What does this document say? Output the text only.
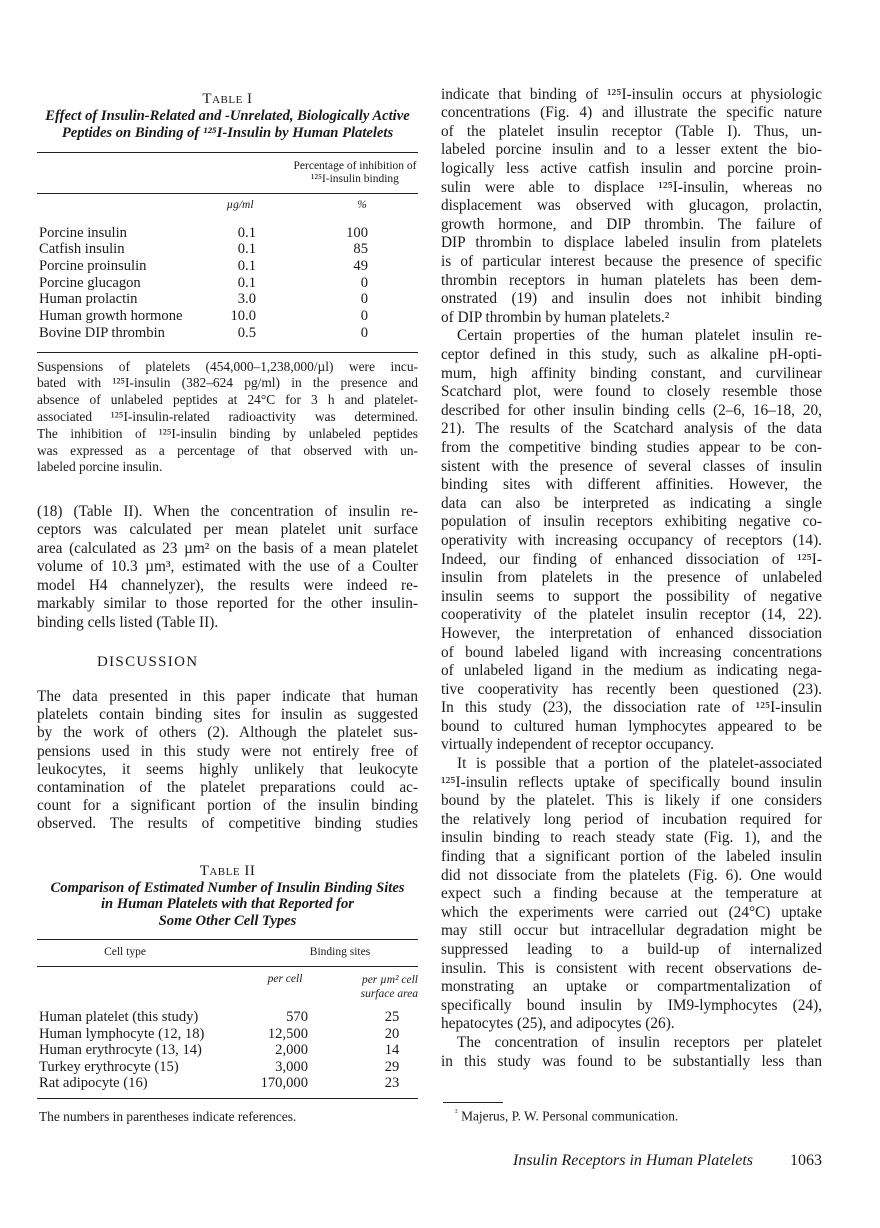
Table I
Effect of Insulin-Related and -Unrelated, Biologically Active
Peptides on Binding of ¹²⁵I-Insulin by Human Platelets
Percentage of inhibition of
¹²⁵I-insulin binding
µg/ml	%
Porcine insulin	0.1	100
Catfish insulin	0.1	85
Porcine proinsulin	0.1	49
Porcine glucagon	0.1	0
Human prolactin	3.0	0
Human growth hormone	10.0	0
Bovine DIP thrombin	0.5	0
Suspensions of platelets (454,000–1,238,000/µl) were incu-
bated with ¹²⁵I-insulin (382–624 pg/ml) in the presence and
absence of unlabeled peptides at 24°C for 3 h and platelet-
associated ¹²⁵I-insulin-related radioactivity was determined.
The inhibition of ¹²⁵I-insulin binding by unlabeled peptides
was expressed as a percentage of that observed with un-
labeled porcine insulin.
(18) (Table II). When the concentration of insulin re-
ceptors was calculated per mean platelet unit surface
area (calculated as 23 µm² on the basis of a mean platelet
volume of 10.3 µm³, estimated with the use of a Coulter
model H4 channelyzer), the results were indeed re-
markably similar to those reported for the other insulin-
binding cells listed (Table II).
DISCUSSION
The data presented in this paper indicate that human
platelets contain binding sites for insulin as suggested
by the work of others (2). Although the platelet sus-
pensions used in this study were not entirely free of
leukocytes, it seems highly unlikely that leukocyte
contamination of the platelet preparations could ac-
count for a significant portion of the insulin binding
observed. The results of competitive binding studies
Table II
Comparison of Estimated Number of Insulin Binding Sites
in Human Platelets with that Reported for
Some Other Cell Types
Cell type	Binding sites
per cell	per µm² cell
surface area
Human platelet (this study)	570	25
Human lymphocyte (12, 18)	12,500	20
Human erythrocyte (13, 14)	2,000	14
Turkey erythrocyte (15)	3,000	29
Rat adipocyte (16)	170,000	23
The numbers in parentheses indicate references.
indicate that binding of ¹²⁵I-insulin occurs at physiologic
concentrations (Fig. 4) and illustrate the specific nature
of the platelet insulin receptor (Table I). Thus, un-
labeled porcine insulin and to a lesser extent the bio-
logically less active catfish insulin and porcine proin-
sulin were able to displace ¹²⁵I-insulin, whereas no
displacement was observed with glucagon, prolactin,
growth hormone, and DIP thrombin. The failure of
DIP thrombin to displace labeled insulin from platelets
is of particular interest because the presence of specific
thrombin receptors in human platelets has been dem-
onstrated (19) and insulin does not inhibit binding
of DIP thrombin by human platelets.²
Certain properties of the human platelet insulin re-
ceptor defined in this study, such as alkaline pH-opti-
mum, high affinity binding constant, and curvilinear
Scatchard plot, were found to closely resemble those
described for other insulin binding cells (2–6, 16–18, 20,
21). The results of the Scatchard analysis of the data
from the competitive binding studies appear to be con-
sistent with the presence of several classes of insulin
binding sites with different affinities. However, the
data can also be interpreted as indicating a single
population of insulin receptors exhibiting negative co-
operativity with increasing occupancy of receptors (14).
Indeed, our finding of enhanced dissociation of ¹²⁵I-
insulin from platelets in the presence of unlabeled
insulin seems to support the possibility of negative
cooperativity of the platelet insulin receptor (14, 22).
However, the interpretation of enhanced dissociation
of bound labeled ligand with increasing concentrations
of unlabeled ligand in the medium as indicating nega-
tive cooperativity has recently been questioned (23).
In this study (23), the dissociation rate of ¹²⁵I-insulin
bound to cultured human lymphocytes appeared to be
virtually independent of receptor occupancy.
It is possible that a portion of the platelet-associated
¹²⁵I-insulin reflects uptake of specifically bound insulin
bound by the platelet. This is likely if one considers
the relatively long period of incubation required for
insulin binding to reach steady state (Fig. 1), and the
finding that a significant portion of the labeled insulin
did not dissociate from the platelets (Fig. 6). One would
expect such a finding because at the temperature at
which the experiments were carried out (24°C) uptake
may still occur but intracellular degradation might be
suppressed leading to a build-up of internalized
insulin. This is consistent with recent observations de-
monstrating an uptake or compartmentalization of
specifically bound insulin by IM9-lymphocytes (24),
hepatocytes (25), and adipocytes (26).
The concentration of insulin receptors per platelet
in this study was found to be substantially less than
$^{^2}$ Majerus, P. W. Personal communication.
Insulin Receptors in Human Platelets 1063
